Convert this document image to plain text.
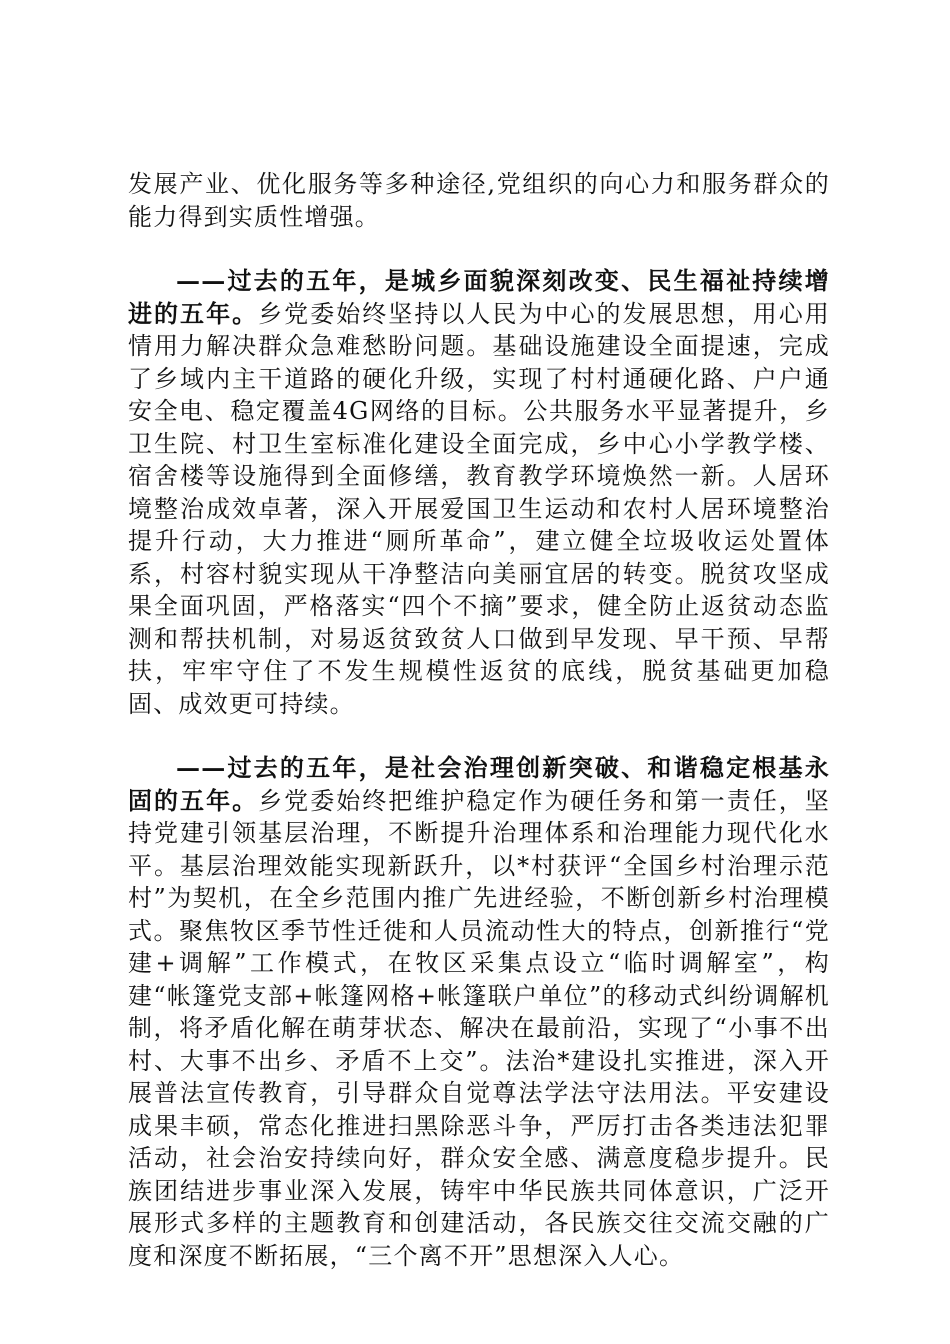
发展产业、优化服务等多种途径,党组织的向心力和服务群众的能力得到实质性增强。

——过去的五年，是城乡面貌深刻改变、民生福祉持续增进的五年。乡党委始终坚持以人民为中心的发展思想，用心用情用力解决群众急难愁盼问题。基础设施建设全面提速，完成了乡域内主干道路的硬化升级，实现了村村通硬化路、户户通安全电、稳定覆盖4G网络的目标。公共服务水平显著提升，乡卫生院、村卫生室标准化建设全面完成，乡中心小学教学楼、宿舍楼等设施得到全面修缮，教育教学环境焕然一新。人居环境整治成效卓著，深入开展爱国卫生运动和农村人居环境整治提升行动，大力推进“厕所革命”，建立健全垃圾收运处置体系，村容村貌实现从干净整洁向美丽宜居的转变。脱贫攻坚成果全面巩固，严格落实“四个不摘”要求，健全防止返贫动态监测和帮扶机制，对易返贫致贫人口做到早发现、早干预、早帮扶，牢牢守住了不发生规模性返贫的底线，脱贫基础更加稳固、成效更可持续。

——过去的五年，是社会治理创新突破、和谐稳定根基永固的五年。乡党委始终把维护稳定作为硬任务和第一责任，坚持党建引领基层治理，不断提升治理体系和治理能力现代化水平。基层治理效能实现新跃升，以*村获评“全国乡村治理示范村”为契机，在全乡范围内推广先进经验，不断创新乡村治理模式。聚焦牧区季节性迁徙和人员流动性大的特点，创新推行“党建+调解”工作模式，在牧区采集点设立“临时调解室”，构建“帐篷党支部+帐篷网格+帐篷联户单位”的移动式纠纷调解机制，将矛盾化解在萌芽状态、解决在最前沿，实现了“小事不出村、大事不出乡、矛盾不上交”。法治*建设扎实推进，深入开展普法宣传教育，引导群众自觉尊法学法守法用法。平安建设成果丰硕，常态化推进扫黑除恶斗争，严厉打击各类违法犯罪活动，社会治安持续向好，群众安全感、满意度稳步提升。民族团结进步事业深入发展，铸牢中华民族共同体意识，广泛开展形式多样的主题教育和创建活动，各民族交往交流交融的广度和深度不断拓展，“三个离不开”思想深入人心。
